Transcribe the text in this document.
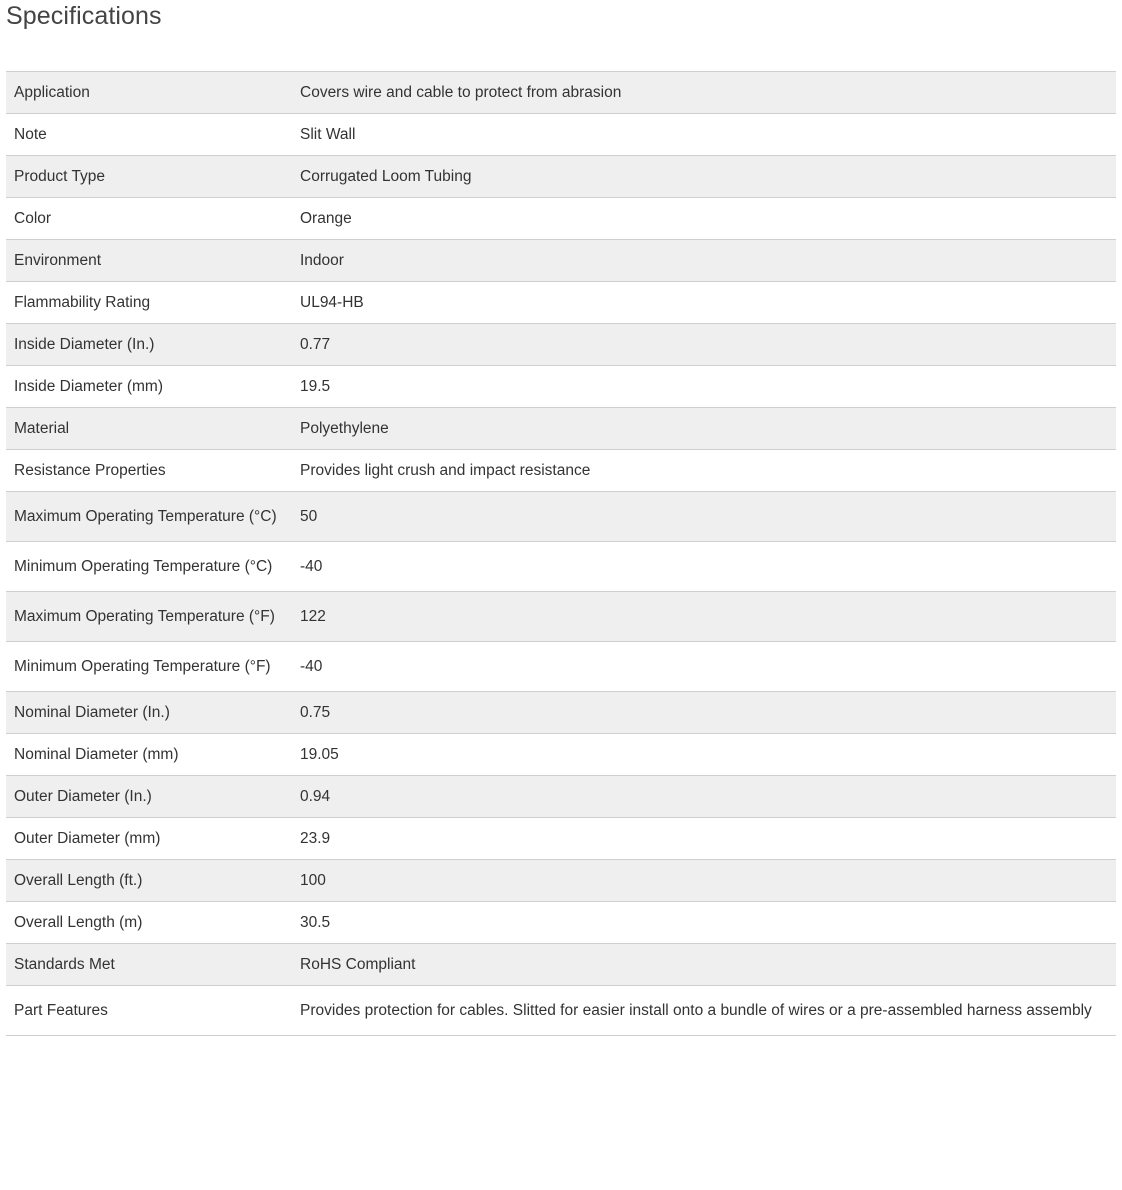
Specifications
Application	Covers wire and cable to protect from abrasion
Note	Slit Wall
Product Type	Corrugated Loom Tubing
Color	Orange
Environment	Indoor
Flammability Rating	UL94-HB
Inside Diameter (In.)	0.77
Inside Diameter (mm)	19.5
Material	Polyethylene
Resistance Properties	Provides light crush and impact resistance
Maximum Operating Temperature (°C)	50
Minimum Operating Temperature (°C)	-40
Maximum Operating Temperature (°F)	122
Minimum Operating Temperature (°F)	-40
Nominal Diameter (In.)	0.75
Nominal Diameter (mm)	19.05
Outer Diameter (In.)	0.94
Outer Diameter (mm)	23.9
Overall Length (ft.)	100
Overall Length (m)	30.5
Standards Met	RoHS Compliant
Part Features	Provides protection for cables. Slitted for easier install onto a bundle of wires or a pre-assembled harness assembly
